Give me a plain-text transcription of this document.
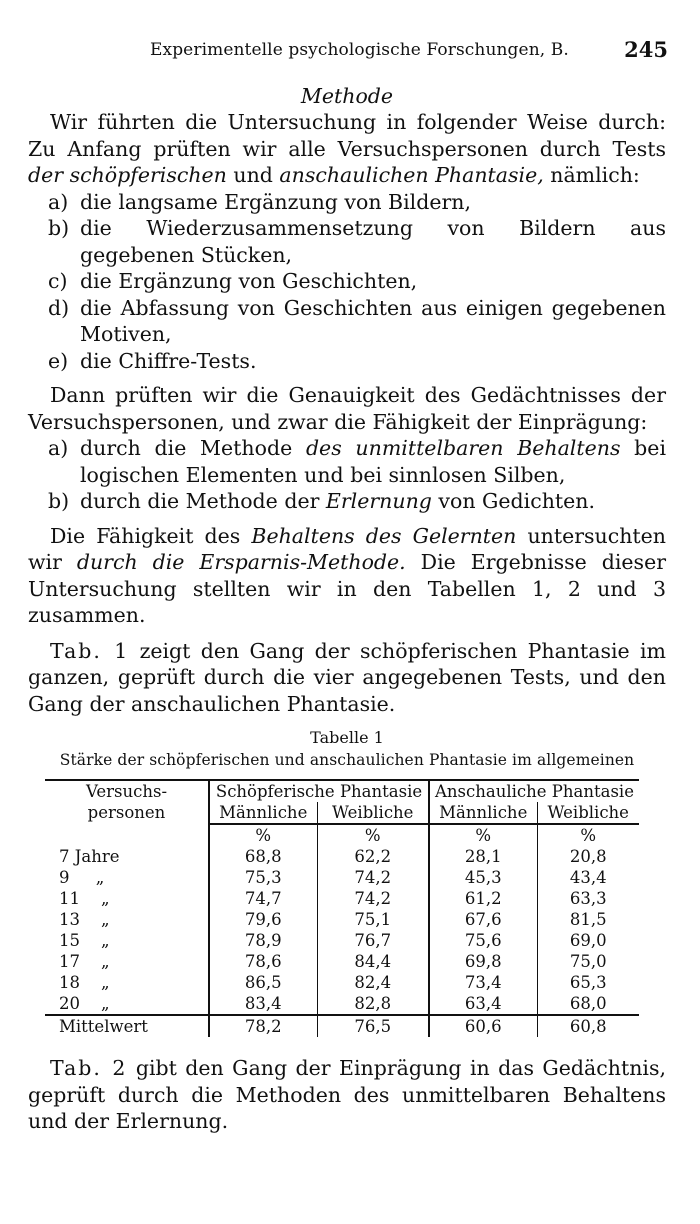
Experimentelle psychologische Forschungen, B.	245
Methode

Wir führten die Untersuchung in folgender Weise durch: Zu Anfang prüften wir alle Versuchspersonen durch Tests der schöpferischen und anschaulichen Phantasie, nämlich:

a) die langsame Ergänzung von Bildern,
b) die Wiederzusammensetzung von Bildern aus gegebenen Stücken,
c) die Ergänzung von Geschichten,
d) die Abfassung von Geschichten aus einigen gegebenen Motiven,
e) die Chiffre-Tests.

Dann prüften wir die Genauigkeit des Gedächtnisses der Versuchspersonen, und zwar die Fähigkeit der Einprägung:

a) durch die Methode des unmittelbaren Behaltens bei logischen Elementen und bei sinnlosen Silben,
b) durch die Methode der Erlernung von Gedichten.

Die Fähigkeit des Behaltens des Gelernten untersuchten wir durch die Ersparnis-Methode. Die Ergebnisse dieser Untersuchung stellten wir in den Tabellen 1, 2 und 3 zusammen.

Tab. 1 zeigt den Gang der schöpferischen Phantasie im ganzen, geprüft durch die vier angegebenen Tests, und den Gang der anschaulichen Phantasie.

Tabelle 1
Stärke der schöpferischen und anschaulichen Phantasie im allgemeinen
Versuchs-
personen	Schöpferische Phantasie		Anschauliche Phantasie	
	Männliche	Weibliche	Männliche	Weibliche
	%	%	%	%
7 Jahre	68,8	62,2	28,1	20,8
9     „	75,3	74,2	45,3	43,4
11    „	74,7	74,2	61,2	63,3
13    „	79,6	75,1	67,6	81,5
15    „	78,9	76,7	75,6	69,0
17    „	78,6	84,4	69,8	75,0
18    „	86,5	82,4	73,4	65,3
20    „	83,4	82,8	63,4	68,0
Mittelwert	78,2	76,5	60,6	60,8

Tab. 2 gibt den Gang der Einprägung in das Gedächtnis, geprüft durch die Methoden des unmittelbaren Behaltens und der Erlernung.
